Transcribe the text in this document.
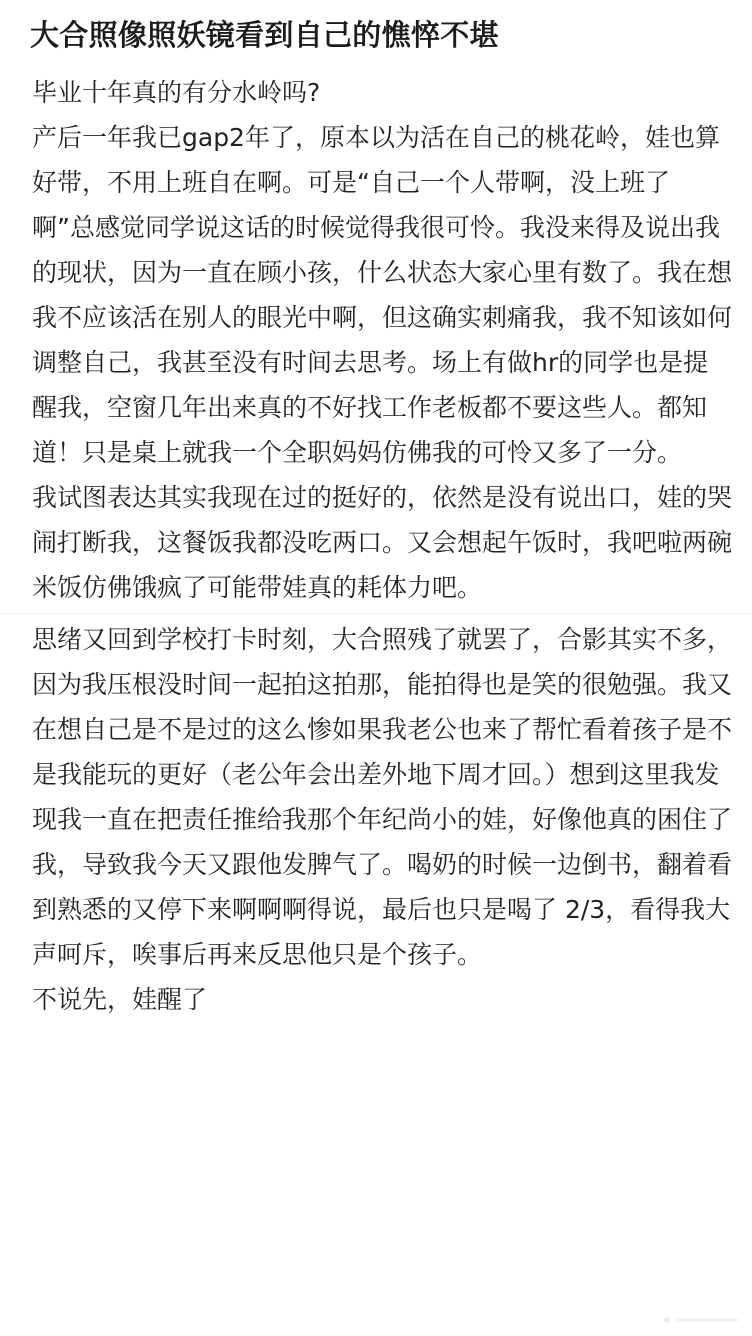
大合照像照妖镜看到自己的憔悴不堪

毕业十年真的有分水岭吗?

产后一年我已gap2年了，原本以为活在自己的桃花岭，娃也算好带，不用上班自在啊。可是“自己一个人带啊，没上班了啊”总感觉同学说这话的时候觉得我很可怜。我没来得及说出我的现状，因为一直在顾小孩，什么状态大家心里有数了。我在想我不应该活在别人的眼光中啊，但这确实刺痛我，我不知该如何调整自己，我甚至没有时间去思考。场上有做hr的同学也是提醒我，空窗几年出来真的不好找工作老板都不要这些人。都知道！只是桌上就我一个全职妈妈仿佛我的可怜又多了一分。

我试图表达其实我现在过的挺好的，依然是没有说出口，娃的哭闹打断我，这餐饭我都没吃两口。又会想起午饭时，我吧啦两碗米饭仿佛饿疯了可能带娃真的耗体力吧。

思绪又回到学校打卡时刻，大合照残了就罢了，合影其实不多，因为我压根没时间一起拍这拍那，能拍得也是笑的很勉强。我又在想自己是不是过的这么惨如果我老公也来了帮忙看着孩子是不是我能玩的更好（老公年会出差外地下周才回。）想到这里我发现我一直在把责任推给我那个年纪尚小的娃，好像他真的困住了我，导致我今天又跟他发脾气了。喝奶的时候一边倒书，翻着看到熟悉的又停下来啊啊啊得说，最后也只是喝了 2/3，看得我大声呵斥，唉事后再来反思他只是个孩子。

不说先，娃醒了
